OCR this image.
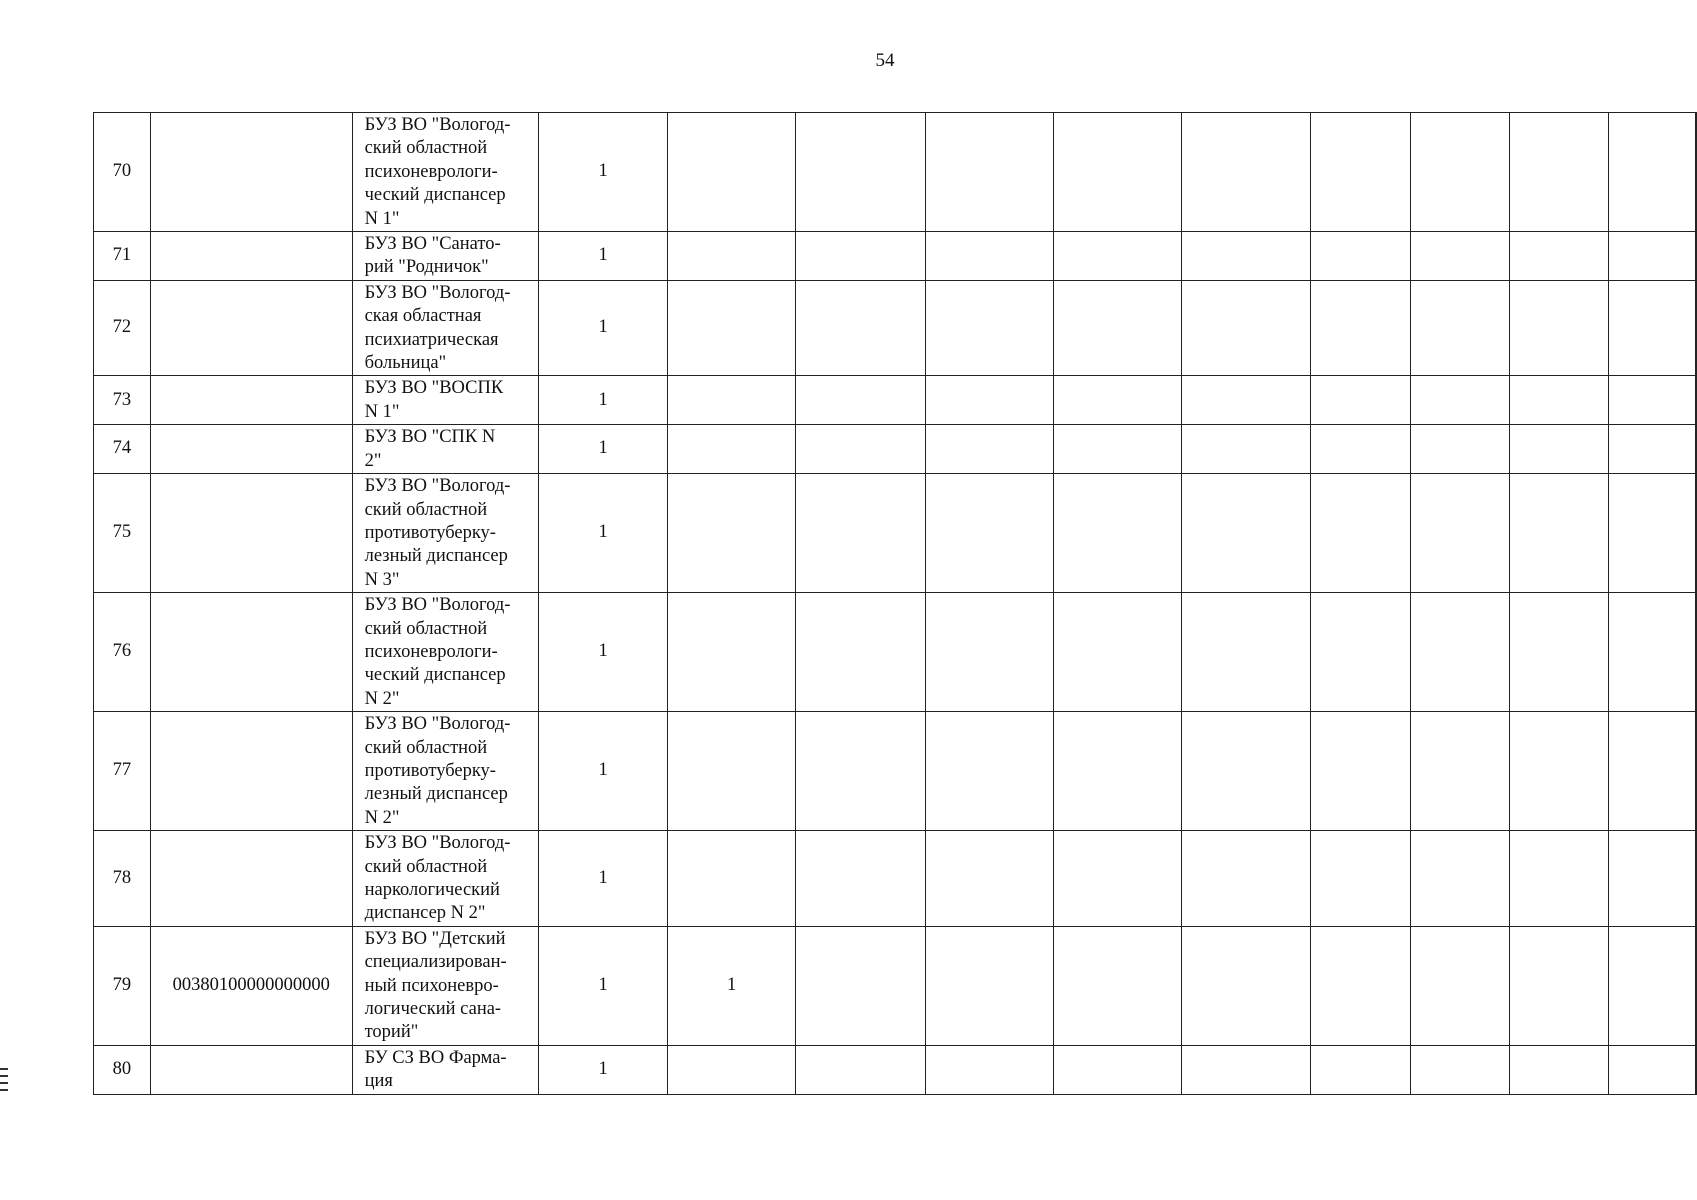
54
70		БУЗ ВО "Вологод-
ский областной
психоневрологи-
ческий диспансер
N 1"	1										
71		БУЗ ВО "Санато-
рий "Родничок"	1										
72		БУЗ ВО "Вологод-
ская областная
психиатрическая
больница"	1										
73		БУЗ ВО "ВОСПК
N 1"	1										
74		БУЗ ВО "СПК N
2"	1										
75		БУЗ ВО "Вологод-
ский областной
противотуберку-
лезный диспансер
N 3"	1										
76		БУЗ ВО "Вологод-
ский областной
психоневрологи-
ческий диспансер
N 2"	1										
77		БУЗ ВО "Вологод-
ский областной
противотуберку-
лезный диспансер
N 2"	1										
78		БУЗ ВО "Вологод-
ский областной
наркологический
диспансер N 2"	1										
79	00380100000000000	БУЗ ВО "Детский
специализирован-
ный психоневро-
логический сана-
торий"	1	1									
80		БУ СЗ ВО Фарма-
ция	1										
